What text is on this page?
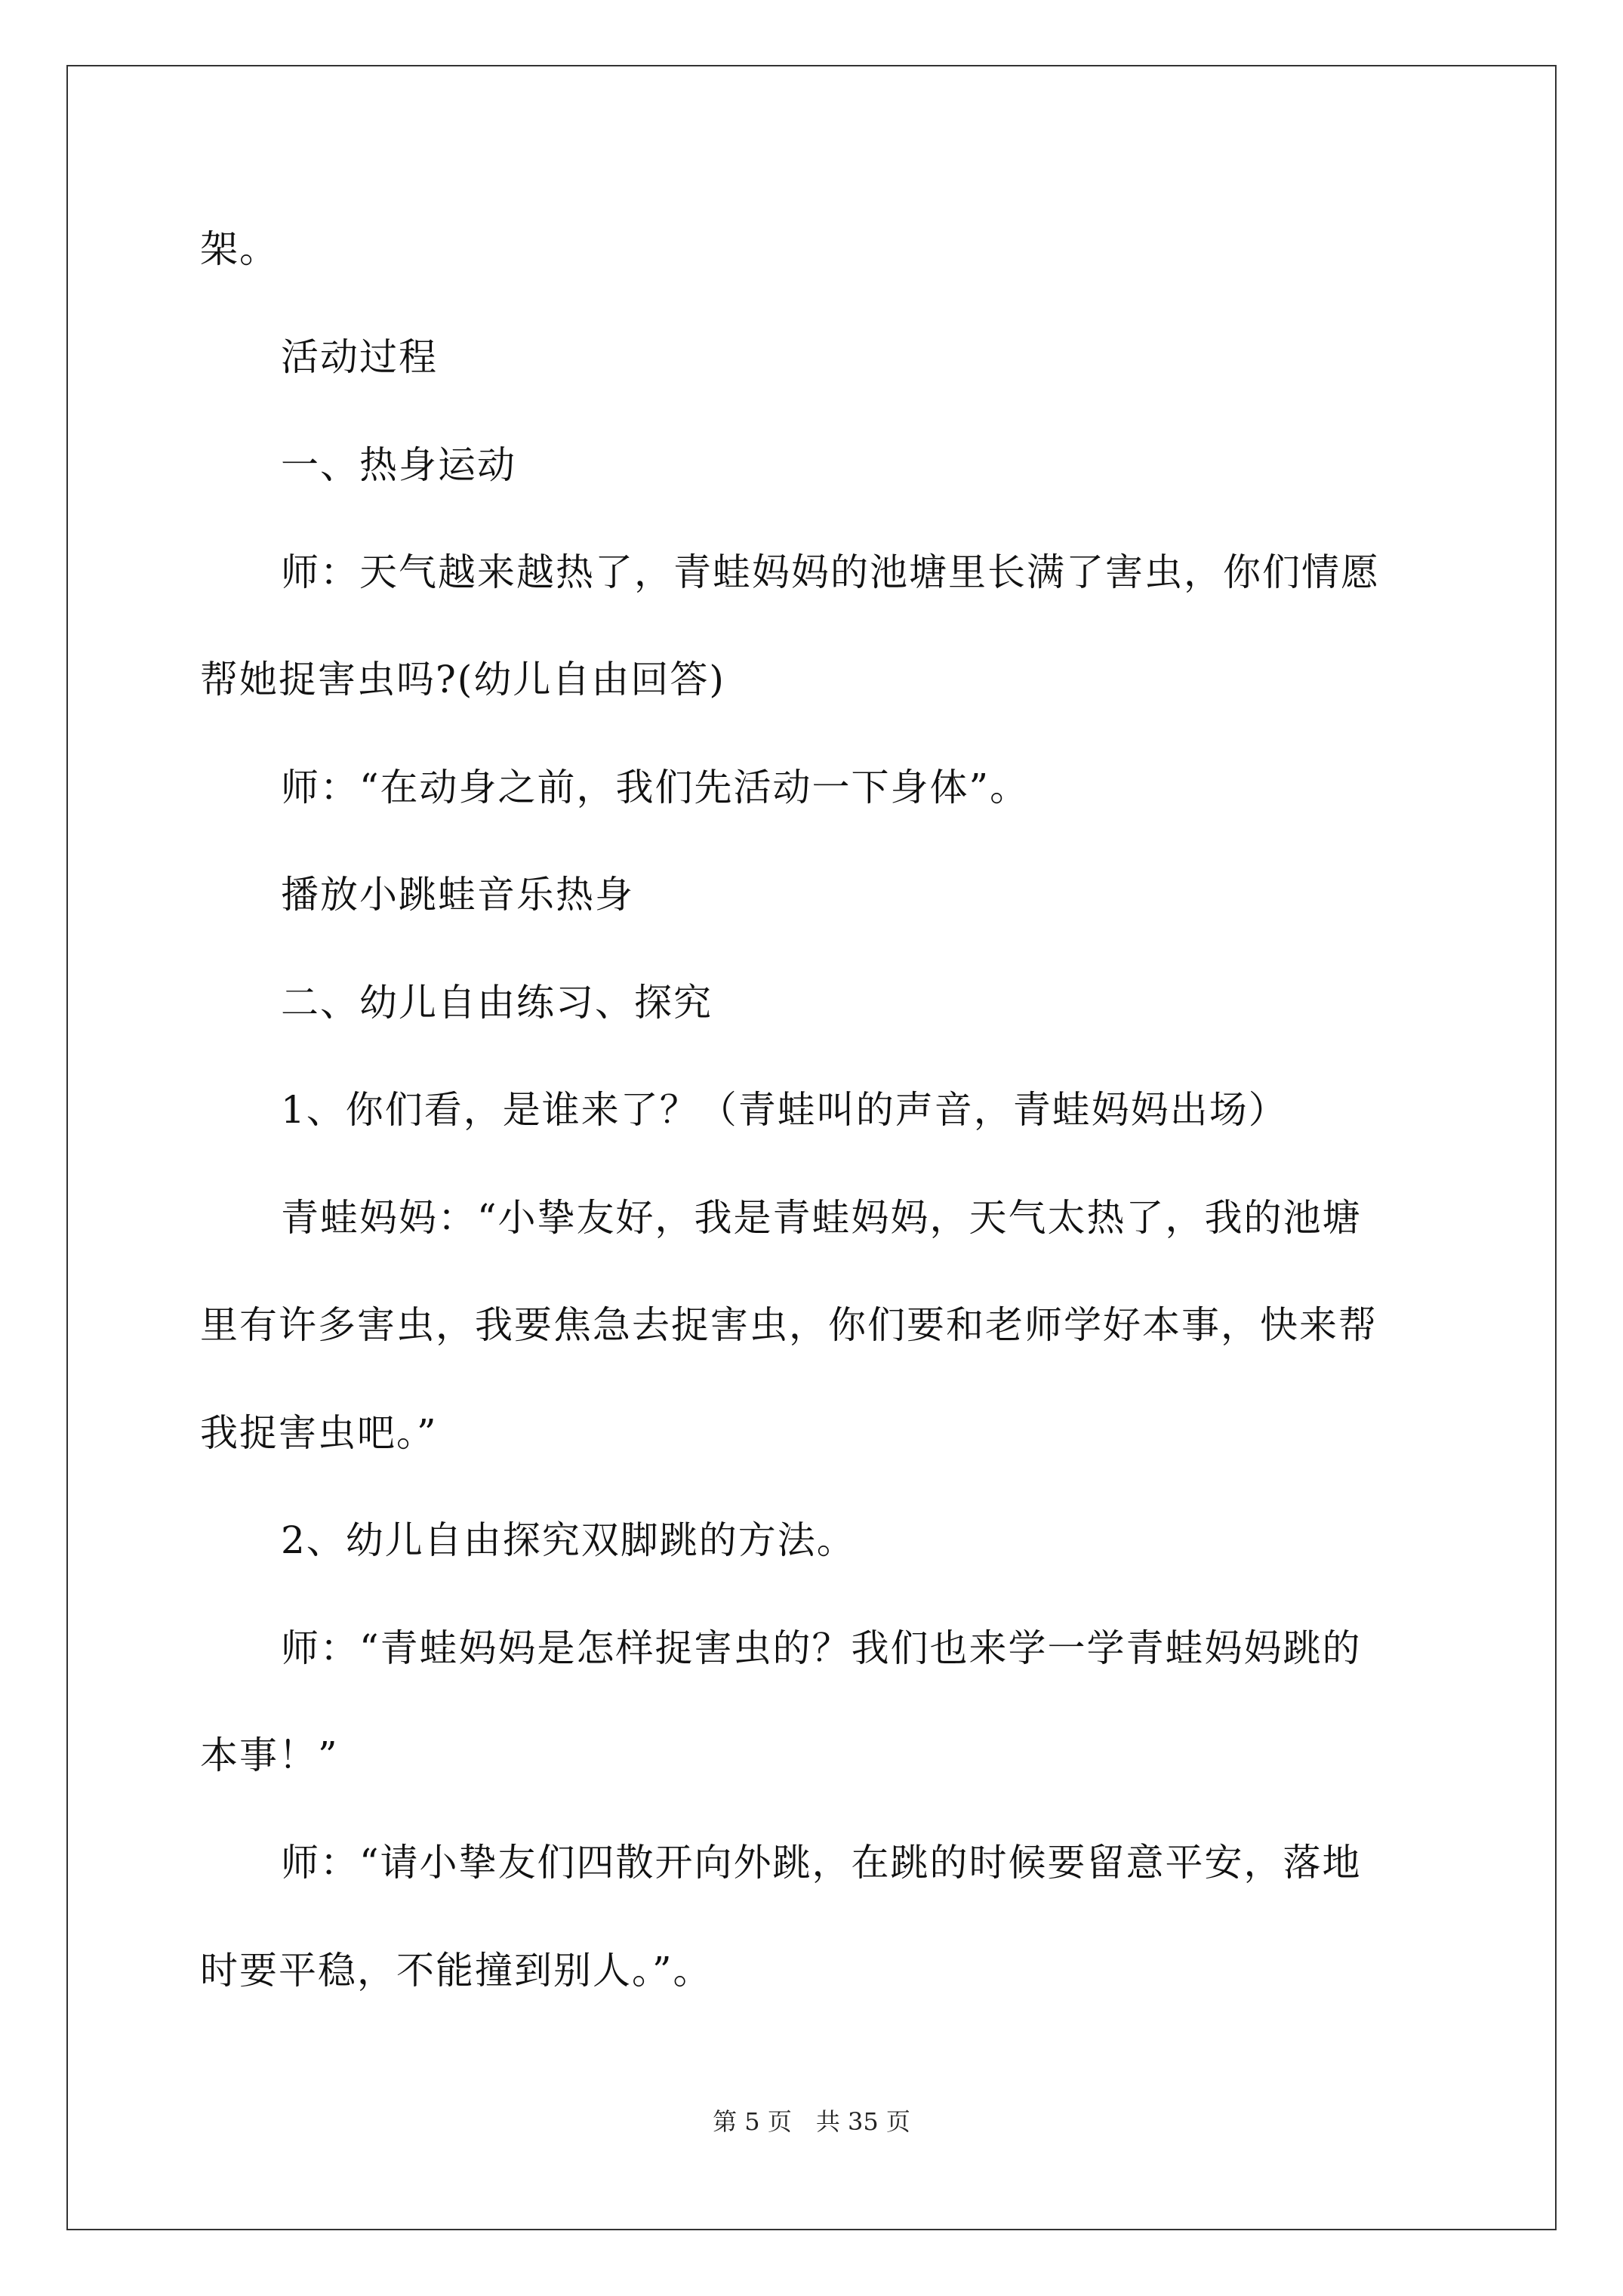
架。
活动过程
一、热身运动
师：天气越来越热了，青蛙妈妈的池塘里长满了害虫，你们情愿
帮她捉害虫吗?(幼儿自由回答)
师：“在动身之前，我们先活动一下身体”。
播放小跳蛙音乐热身
二、幼儿自由练习、探究
1、你们看，是谁来了？（青蛙叫的声音，青蛙妈妈出场）
青蛙妈妈：“小挚友好，我是青蛙妈妈，天气太热了，我的池塘
里有许多害虫，我要焦急去捉害虫，你们要和老师学好本事，快来帮
我捉害虫吧。”
2、幼儿自由探究双脚跳的方法。
师：“青蛙妈妈是怎样捉害虫的？我们也来学一学青蛙妈妈跳的
本事！”
师：“请小挚友们四散开向外跳，在跳的时候要留意平安，落地
时要平稳，不能撞到别人。”。
第 5 页　共 35 页
